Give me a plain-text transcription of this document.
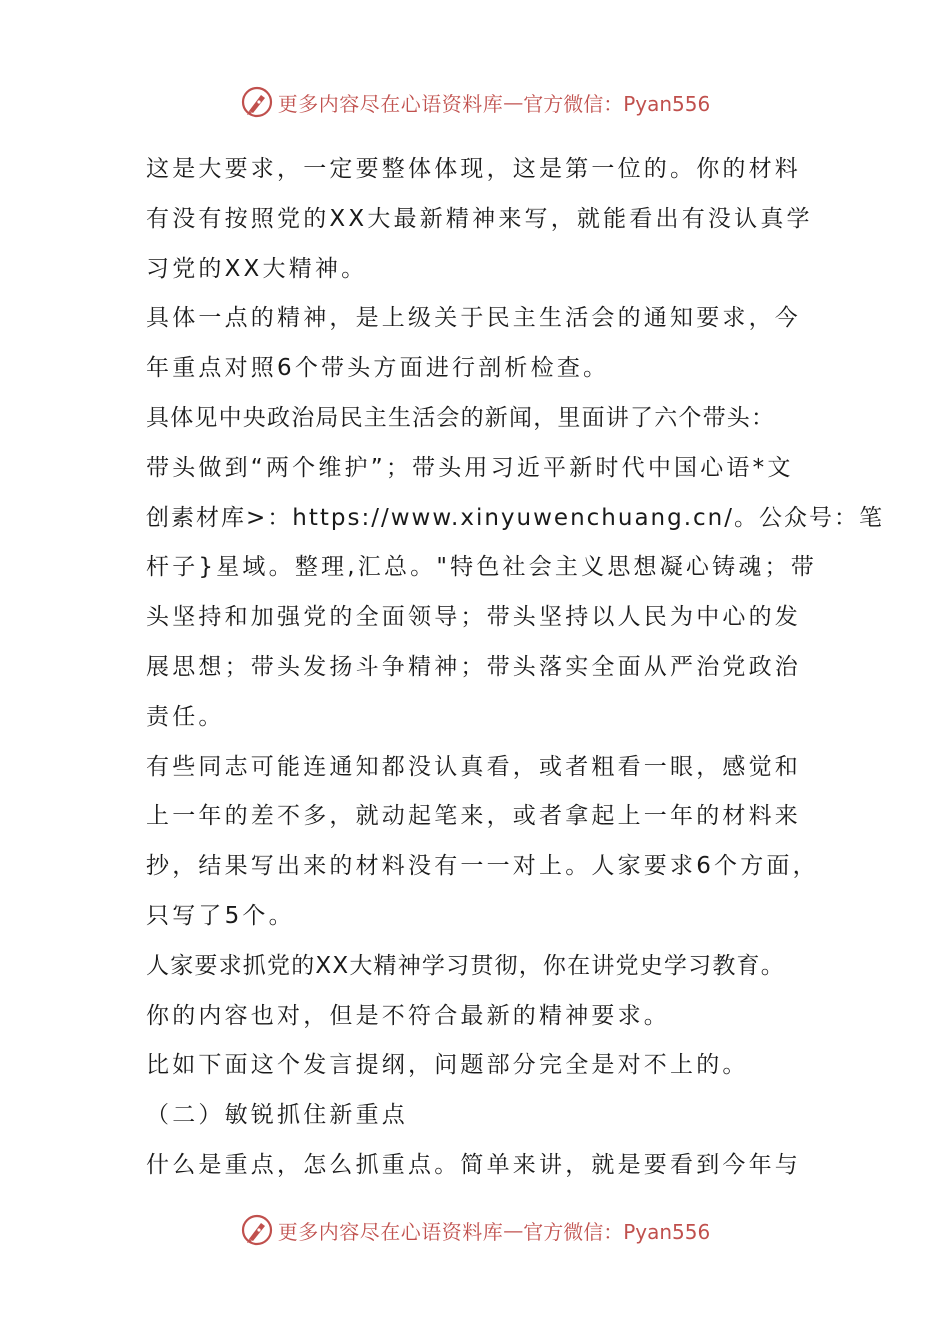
更多内容尽在心语资料库 — 官方微信：Pyan556
这是大要求，一定要整体体现，这是第一位的。你的材料
有没有按照党的XX大最新精神来写，就能看出有没认真学
习党的XX大精神。
具体一点的精神，是上级关于民主生活会的通知要求，今
年重点对照6个带头方面进行剖析检查。
具体见中央政治局民主生活会的新闻，里面讲了六个带头：
带头做到“两个维护”；带头用习近平新时代中国心语*文
创素材库>：https://www.xinyuwenchuang.cn/。公众号：笔
杆子}星域。整理,汇总。"特色社会主义思想凝心铸魂；带
头坚持和加强党的全面领导；带头坚持以人民为中心的发
展思想；带头发扬斗争精神；带头落实全面从严治党政治
责任。
有些同志可能连通知都没认真看，或者粗看一眼，感觉和
上一年的差不多，就动起笔来，或者拿起上一年的材料来
抄，结果写出来的材料没有一一对上。人家要求6个方面，
只写了5个。
人家要求抓党的XX大精神学习贯彻，你在讲党史学习教育。
你的内容也对，但是不符合最新的精神要求。
比如下面这个发言提纲，问题部分完全是对不上的。
（二）敏锐抓住新重点
什么是重点，怎么抓重点。简单来讲，就是要看到今年与
更多内容尽在心语资料库 — 官方微信：Pyan556
